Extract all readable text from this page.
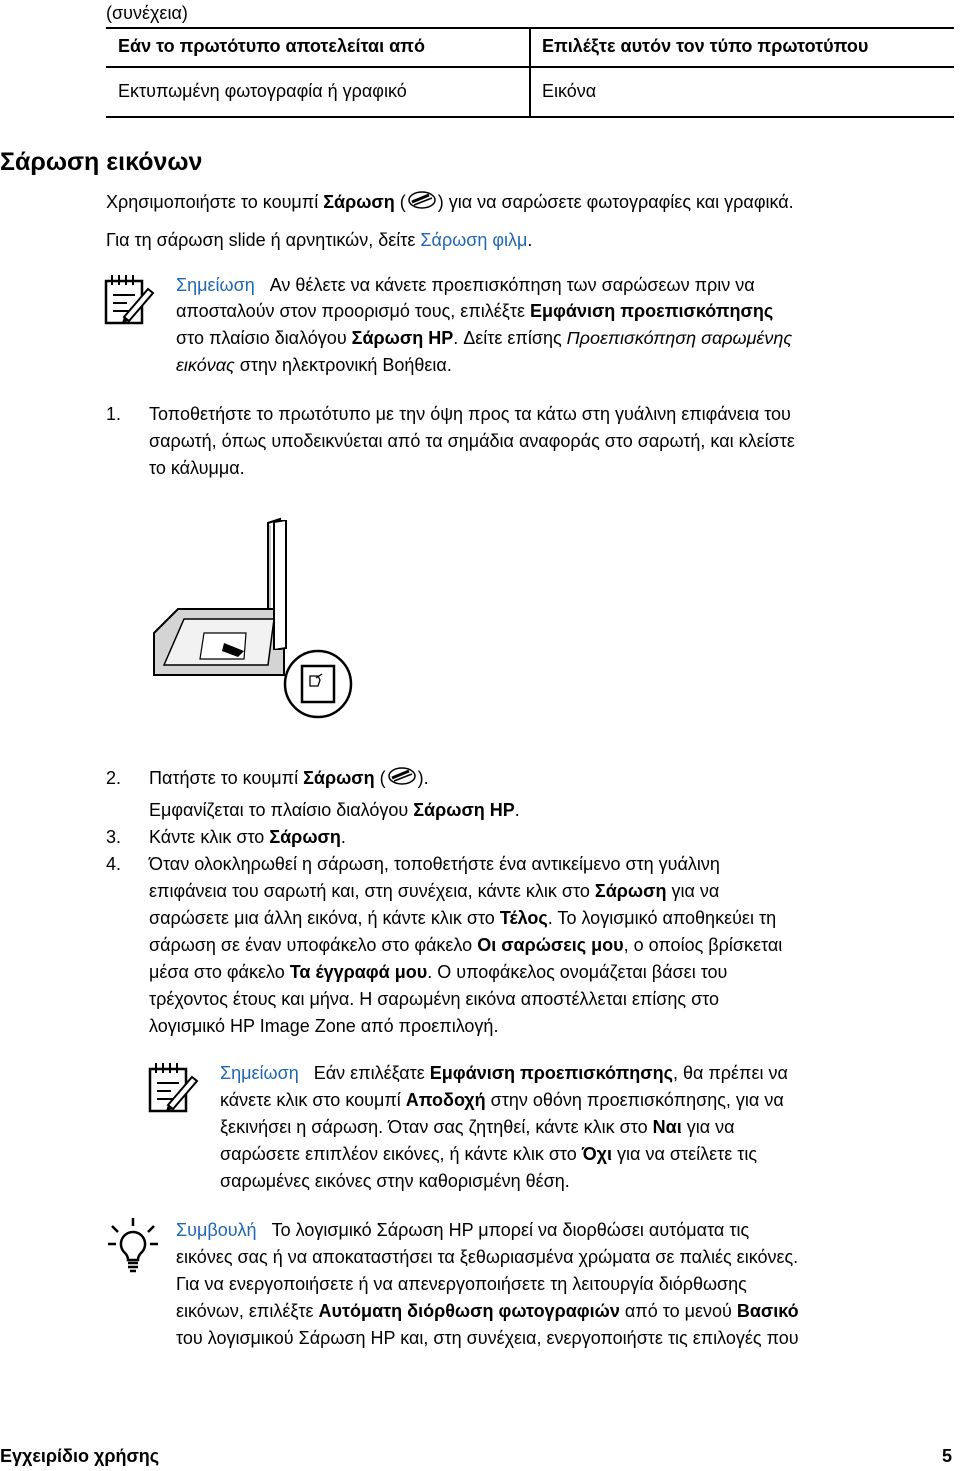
(συνέχεια)
Εάν το πρωτότυπο αποτελείται από	Επιλέξτε αυτόν τον τύπο πρωτοτύπου
Εκτυπωμένη φωτογραφία ή γραφικό	Εικόνα
Σάρωση εικόνων
Χρησιμοποιήστε το κουμπί Σάρωση ( ) για να σαρώσετε φωτογραφίες και γραφικά.
Για τη σάρωση slide ή αρνητικών, δείτε Σάρωση φιλμ.
Σημείωση Αν θέλετε να κάνετε προεπισκόπηση των σαρώσεων πριν να
αποσταλούν στον προορισμό τους, επιλέξτε Εμφάνιση προεπισκόπησης
στο πλαίσιο διαλόγου Σάρωση HP. Δείτε επίσης Προεπισκόπηση σαρωμένης
εικόνας στην ηλεκτρονική Βοήθεια.
1. Τοποθετήστε το πρωτότυπο με την όψη προς τα κάτω στη γυάλινη επιφάνεια του
σαρωτή, όπως υποδεικνύεται από τα σημάδια αναφοράς στο σαρωτή, και κλείστε
το κάλυμμα.
2. Πατήστε το κουμπί Σάρωση ( ).
Εμφανίζεται το πλαίσιο διαλόγου Σάρωση HP.
3. Κάντε κλικ στο Σάρωση.
4. Όταν ολοκληρωθεί η σάρωση, τοποθετήστε ένα αντικείμενο στη γυάλινη
επιφάνεια του σαρωτή και, στη συνέχεια, κάντε κλικ στο Σάρωση για να
σαρώσετε μια άλλη εικόνα, ή κάντε κλικ στο Τέλος. Το λογισμικό αποθηκεύει τη
σάρωση σε έναν υποφάκελο στο φάκελο Οι σαρώσεις μου, ο οποίος βρίσκεται
μέσα στο φάκελο Τα έγγραφά μου. Ο υποφάκελος ονομάζεται βάσει του
τρέχοντος έτους και μήνα. Η σαρωμένη εικόνα αποστέλλεται επίσης στο
λογισμικό HP Image Zone από προεπιλογή.
Σημείωση Εάν επιλέξατε Εμφάνιση προεπισκόπησης, θα πρέπει να
κάνετε κλικ στο κουμπί Αποδοχή στην οθόνη προεπισκόπησης, για να
ξεκινήσει η σάρωση. Όταν σας ζητηθεί, κάντε κλικ στο Ναι για να
σαρώσετε επιπλέον εικόνες, ή κάντε κλικ στο Όχι για να στείλετε τις
σαρωμένες εικόνες στην καθορισμένη θέση.
Συμβουλή Το λογισμικό Σάρωση HP μπορεί να διορθώσει αυτόματα τις
εικόνες σας ή να αποκαταστήσει τα ξεθωριασμένα χρώματα σε παλιές εικόνες.
Για να ενεργοποιήσετε ή να απενεργοποιήσετε τη λειτουργία διόρθωσης
εικόνων, επιλέξτε Αυτόματη διόρθωση φωτογραφιών από το μενού Βασικό
του λογισμικού Σάρωση HP και, στη συνέχεια, ενεργοποιήστε τις επιλογές που
Εγχειρίδιο χρήσης	5
